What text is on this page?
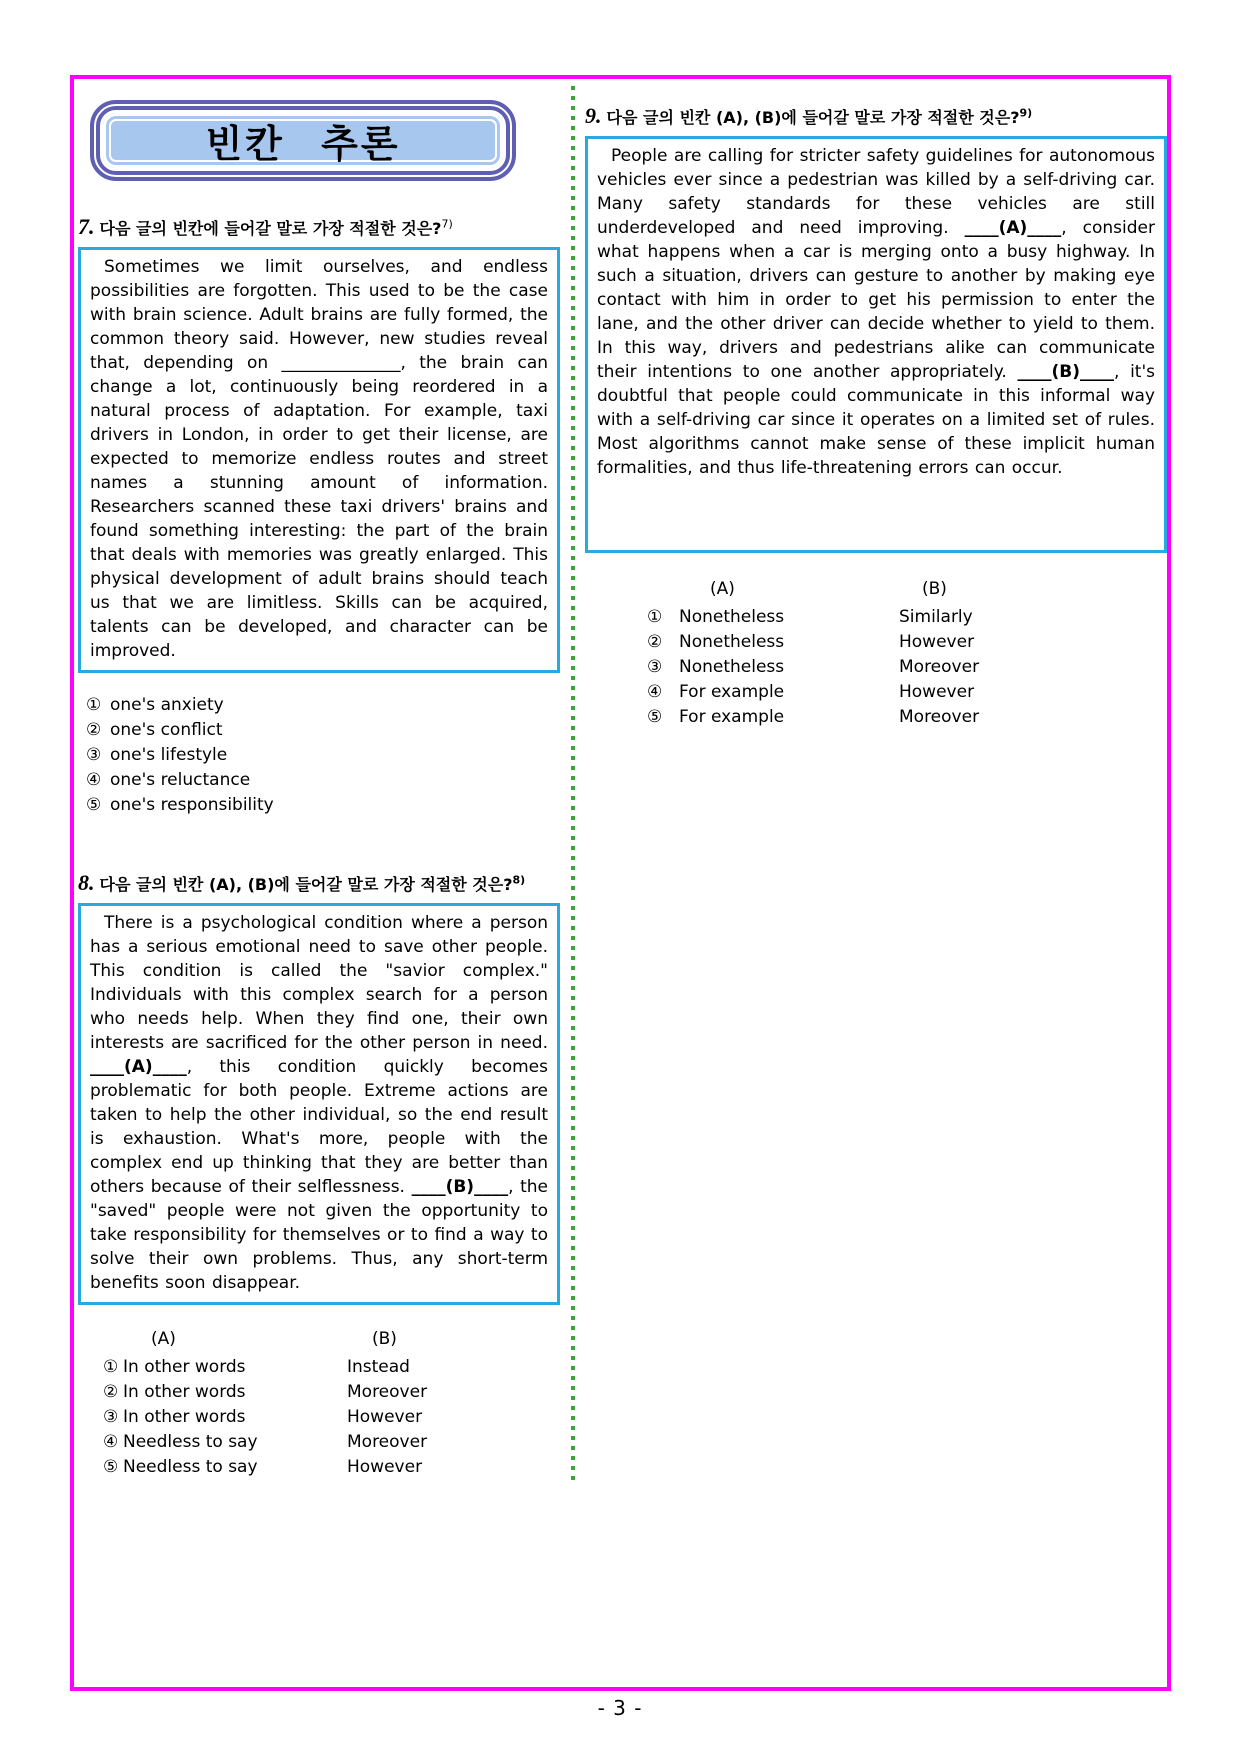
빈칸 추론
7. 다음 글의 빈칸에 들어갈 말로 가장 적절한 것은?$^{7)}$

Sometimes we limit ourselves, and endless possibilities are forgotten. This used to be the case with brain science. Adult brains are fully formed, the common theory said. However, new studies reveal that, depending on ______________, the brain can change a lot, continuously being reordered in a natural process of adaptation. For example, taxi drivers in London, in order to get their license, are expected to memorize endless routes and street names a stunning amount of information. Researchers scanned these taxi drivers' brains and found something interesting: the part of the brain that deals with memories was greatly enlarged. This physical development of adult brains should teach us that we are limitless. Skills can be acquired, talents can be developed, and character can be improved.

① one's anxiety
② one's conflict
③ one's lifestyle
④ one's reluctance
⑤ one's responsibility
8. 다음 글의 빈칸 (A), (B)에 들어갈 말로 가장 적절한 것은?$^{8)}$

There is a psychological condition where a person has a serious emotional need to save other people. This condition is called the "savior complex." Individuals with this complex search for a person who needs help. When they find one, their own interests are sacrificed for the other person in need. ____(A)____, this condition quickly becomes problematic for both people. Extreme actions are taken to help the other individual, so the end result is exhaustion. What's more, people with the complex end up thinking that they are better than others because of their selflessness. ____(B)____, the "saved" people were not given the opportunity to take responsibility for themselves or to find a way to solve their own problems. Thus, any short-term benefits soon disappear.

(A)	(B)
① In other words	Instead
② In other words	Moreover
③ In other words	However
④ Needless to say	Moreover
⑤ Needless to say	However
9. 다음 글의 빈칸 (A), (B)에 들어갈 말로 가장 적절한 것은?$^{9)}$

People are calling for stricter safety guidelines for autonomous vehicles ever since a pedestrian was killed by a self-driving car. Many safety standards for these vehicles are still underdeveloped and need improving. ____(A)____, consider what happens when a car is merging onto a busy highway. In such a situation, drivers can gesture to another by making eye contact with him in order to get his permission to enter the lane, and the other driver can decide whether to yield to them. In this way, drivers and pedestrians alike can communicate their intentions to one another appropriately. ____(B)____, it's doubtful that people could communicate in this informal way with a self-driving car since it operates on a limited set of rules. Most algorithms cannot make sense of these implicit human formalities, and thus life-threatening errors can occur.

(A)	(B)
① Nonetheless	Similarly
② Nonetheless	However
③ Nonetheless	Moreover
④ For example	However
⑤ For example	Moreover
- 3 -
